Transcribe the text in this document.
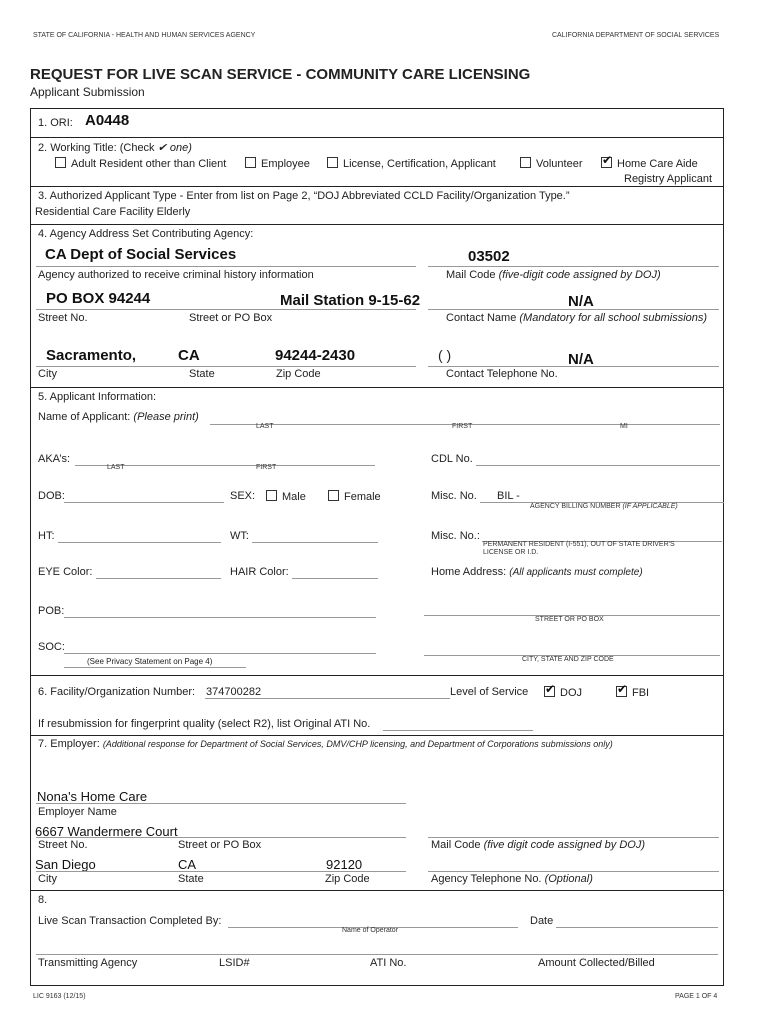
STATE OF CALIFORNIA - HEALTH AND HUMAN SERVICES AGENCY	CALIFORNIA DEPARTMENT OF SOCIAL SERVICES
REQUEST FOR LIVE SCAN SERVICE - COMMUNITY CARE LICENSING
Applicant Submission
1. ORI: A0448
2. Working Title: (Check ✔ one)
Adult Resident other than Client	Employee	License, Certification, Applicant	Volunteer ✔	Home Care Aide
Registry Applicant
3. Authorized Applicant Type - Enter from list on Page 2, “DOJ Abbreviated CCLD Facility/Organization Type.”
Residential Care Facility Elderly
4. Agency Address Set Contributing Agency:
CA Dept of Social Services
Agency authorized to receive criminal history information
03502
Mail Code (five-digit code assigned by DOJ)
PO BOX 94244	Mail Station 9-15-62	N/A
Street No.	Street or PO Box	Contact Name (Mandatory for all school submissions)
Sacramento,	CA	94244-2430	( )	N/A
City	State	Zip Code	Contact Telephone No.
5. Applicant Information:
Name of Applicant: (Please print)
LAST	FIRST	MI
AKA’s:
LAST	FIRST
CDL No.
DOB:	SEX:	Male	Female	Misc. No. BIL -
AGENCY BILLING NUMBER (IF APPLICABLE)
HT:	WT:	Misc. No.:
PERMANENT RESIDENT (I-551), OUT OF STATE DRIVER'S
LICENSE OR I.D.
EYE Color:	HAIR Color:	Home Address: (All applicants must complete)
POB:
STREET OR PO BOX
SOC:
CITY, STATE AND ZIP CODE
(See Privacy Statement on Page 4)
6. Facility/Organization Number: 374700282	Level of Service ✔	DOJ ✔	FBI
If resubmission for fingerprint quality (select R2), list Original ATI No.
7. Employer: (Additional response for Department of Social Services, DMV/CHP licensing, and Department of Corporations submissions only)
Nona's Home Care
Employer Name
6667 Wandermere Court
Street No.	Street or PO Box	Mail Code (five digit code assigned by DOJ)
San Diego	CA	92120
City	State	Zip Code	Agency Telephone No. (Optional)
8.
Live Scan Transaction Completed By:
Name of Operator
Date
Transmitting Agency	LSID#	ATI No.	Amount Collected/Billed
LIC 9163 (12/15)	PAGE 1 OF 4
